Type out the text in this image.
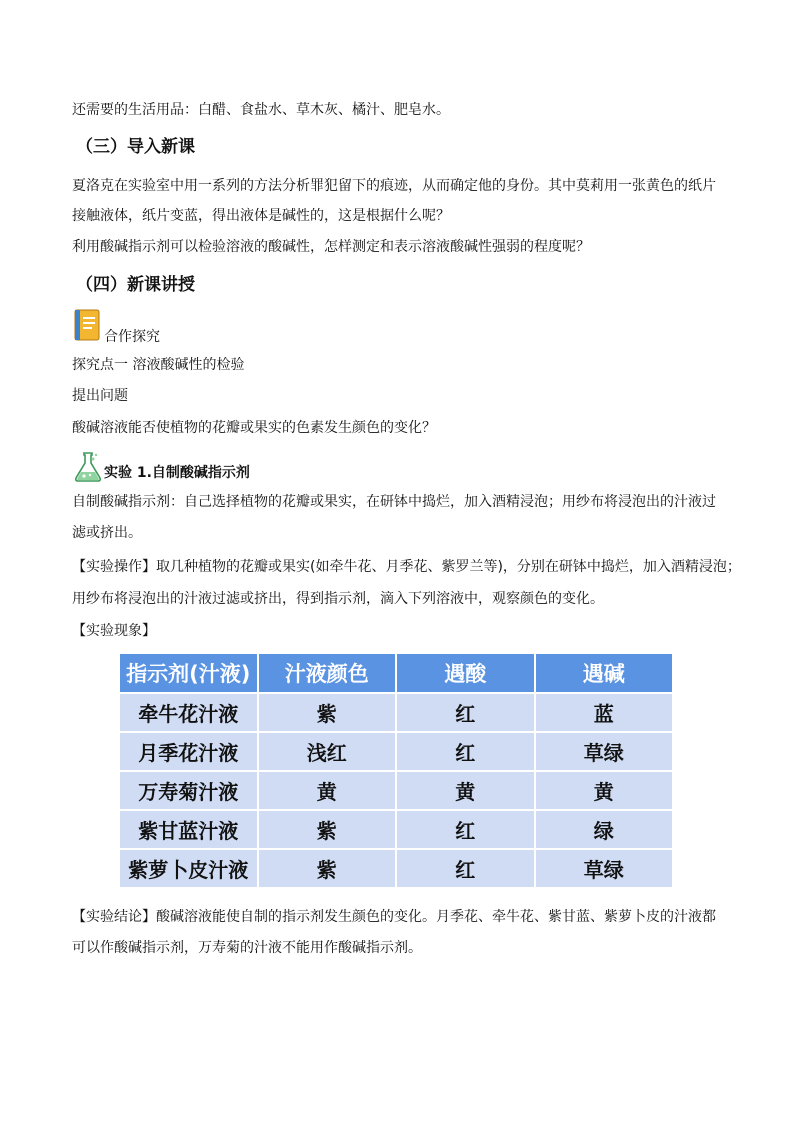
还需要的生活用品：白醋、食盐水、草木灰、橘汁、肥皂水。
（三）导入新课
夏洛克在实验室中用一系列的方法分析罪犯留下的痕迹，从而确定他的身份。其中莫莉用一张黄色的纸片
接触液体，纸片变蓝，得出液体是碱性的，这是根据什么呢？
利用酸碱指示剂可以检验溶液的酸碱性，怎样测定和表示溶液酸碱性强弱的程度呢？
（四）新课讲授
合作探究
探究点一 溶液酸碱性的检验
提出问题
酸碱溶液能否使植物的花瓣或果实的色素发生颜色的变化？
实验 1.自制酸碱指示剂
自制酸碱指示剂：自己选择植物的花瓣或果实，在研钵中捣烂，加入酒精浸泡；用纱布将浸泡出的汁液过
滤或挤出。
【实验操作】取几种植物的花瓣或果实(如牵牛花、月季花、紫罗兰等)，分别在研钵中捣烂，加入酒精浸泡；
用纱布将浸泡出的汁液过滤或挤出，得到指示剂，滴入下列溶液中，观察颜色的变化。
【实验现象】
指示剂(汁液)	汁液颜色	遇酸	遇碱
牵牛花汁液	紫	红	蓝
月季花汁液	浅红	红	草绿
万寿菊汁液	黄	黄	黄
紫甘蓝汁液	紫	红	绿
紫萝卜皮汁液	紫	红	草绿
【实验结论】酸碱溶液能使自制的指示剂发生颜色的变化。月季花、牵牛花、紫甘蓝、紫萝卜皮的汁液都
可以作酸碱指示剂，万寿菊的汁液不能用作酸碱指示剂。
